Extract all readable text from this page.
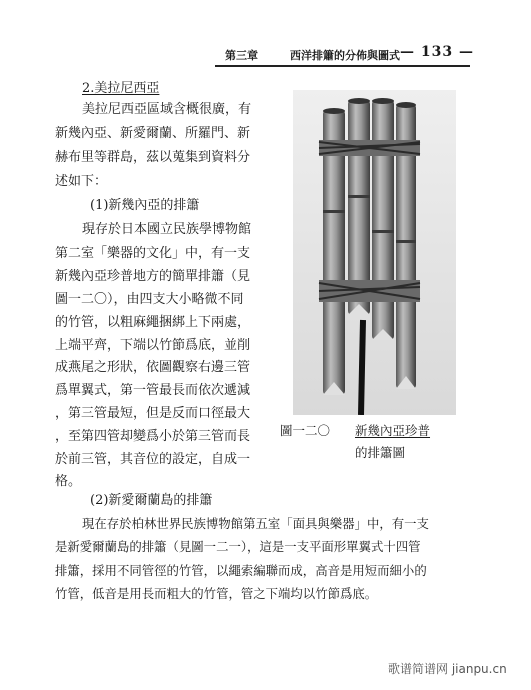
第三章	西洋排簫的分佈與圖式 — 133 —
2.美拉尼西亞
美拉尼西亞區域含概很廣，有
新幾內亞、新愛爾蘭、所羅門、新
赫布里等群島，茲以蒐集到資料分
述如下：
(1)新幾內亞的排簫
現存於日本國立民族學博物館
第二室「樂器的文化」中，有一支
新幾內亞珍普地方的簡單排簫（見
圖一二〇），由四支大小略微不同
的竹管，以粗麻繩捆綁上下兩處，
上端平齊，下端以竹節爲底，並削
成燕尾之形狀，依圖觀察右邊三管
爲單翼式，第一管最長而依次遞減
，第三管最短，但是反而口徑最大
，至第四管却變爲小於第三管而長
於前三管，其音位的設定，自成一
格。
圖一二〇 新幾內亞珍普
的排簫圖
(2)新愛爾蘭島的排簫
現在存於柏林世界民族博物館第五室「面具與樂器」中，有一支
是新愛爾蘭島的排簫（見圖一二一），這是一支平面形單翼式十四管
排簫，採用不同管徑的竹管，以繩索編聯而成，高音是用短而細小的
竹管，低音是用長而粗大的竹管，管之下端均以竹節爲底。
歌谱简谱网 jianpu.cn
